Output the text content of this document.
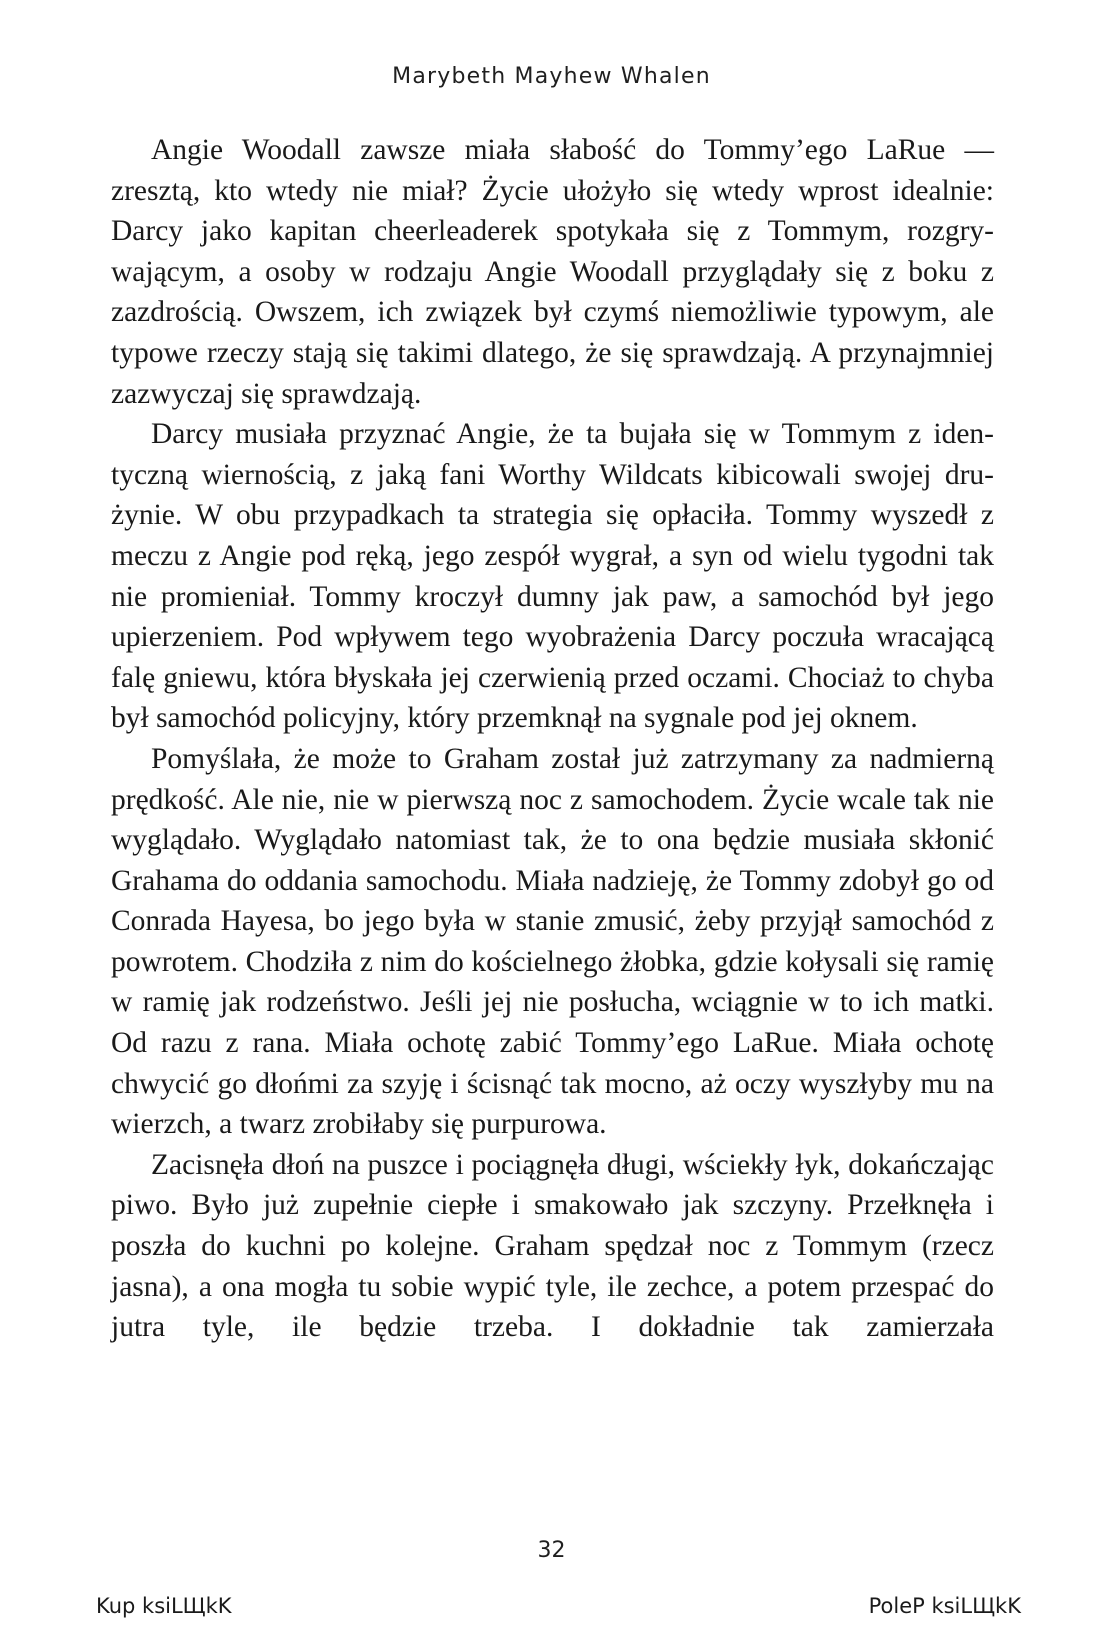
Marybeth Mayhew Whalen

Angie Woodall zawsze miała słabość do Tommy’ego LaRue — zresztą, kto wtedy nie miał? Życie ułożyło się wtedy wprost idealnie: Darcy jako kapitan cheerleaderek spotykała się z Tommym, rozgrywającym, a osoby w rodzaju Angie Woodall przyglądały się z boku z zazdrością. Owszem, ich związek był czymś niemożliwie typowym, ale typowe rzeczy stają się takimi dlatego, że się sprawdzają. A przynajmniej zazwyczaj się sprawdzają.

Darcy musiała przyznać Angie, że ta bujała się w Tommym z identyczną wiernością, z jaką fani Worthy Wildcats kibicowali swojej drużynie. W obu przypadkach ta strategia się opłaciła. Tommy wyszedł z meczu z Angie pod ręką, jego zespół wygrał, a syn od wielu tygodni tak nie promieniał. Tommy kroczył dumny jak paw, a samochód był jego upierzeniem. Pod wpływem tego wyobrażenia Darcy poczuła wracającą falę gniewu, która błyskała jej czerwienią przed oczami. Chociaż to chyba był samochód policyjny, który przemknął na sygnale pod jej oknem.

Pomyślała, że może to Graham został już zatrzymany za nadmierną prędkość. Ale nie, nie w pierwszą noc z samochodem. Życie wcale tak nie wyglądało. Wyglądało natomiast tak, że to ona będzie musiała skłonić Grahama do oddania samochodu. Miała nadzieję, że Tommy zdobył go od Conrada Hayesa, bo jego była w stanie zmusić, żeby przyjął samochód z powrotem. Chodziła z nim do kościelnego żłobka, gdzie kołysali się ramię w ramię jak rodzeństwo. Jeśli jej nie posłucha, wciągnie w to ich matki. Od razu z rana. Miała ochotę zabić Tommy’ego LaRue. Miała ochotę chwycić go dłońmi za szyję i ścisnąć tak mocno, aż oczy wyszłyby mu na wierzch, a twarz zrobiłaby się purpurowa.

Zacisnęła dłoń na puszce i pociągnęła długi, wściekły łyk, dokańczając piwo. Było już zupełnie ciepłe i smakowało jak szczyny. Przełknęła i poszła do kuchni po kolejne. Graham spędzał noc z Tommym (rzecz jasna), a ona mogła tu sobie wypić tyle, ile zechce, a potem przespać do jutra tyle, ile będzie trzeba. I dokładnie tak zamierzała

32
Kup ksiLЩkK	PoleP ksiLЩkK
